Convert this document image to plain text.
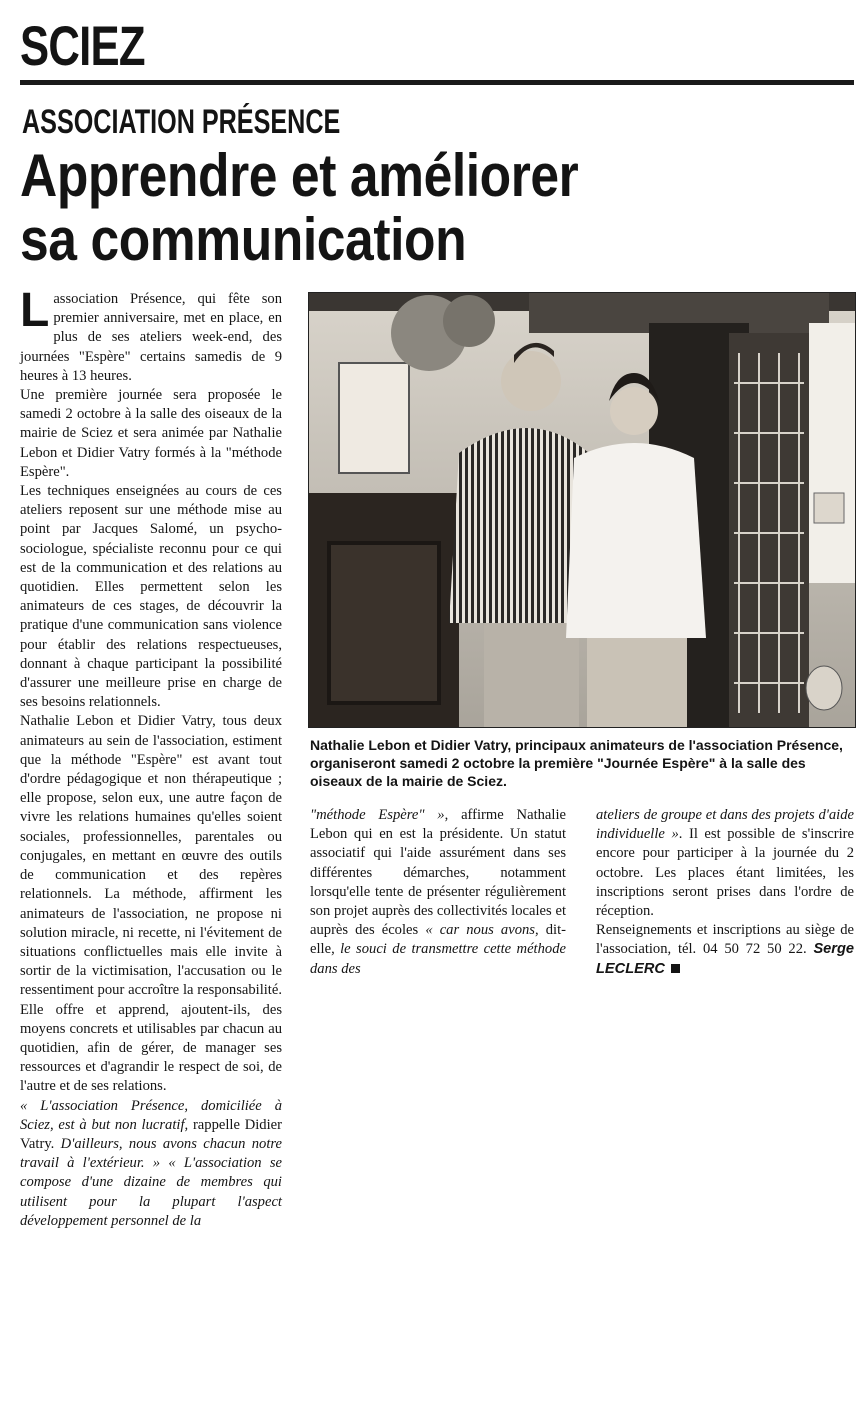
SCIEZ
ASSOCIATION PRÉSENCE
Apprendre et améliorer
sa communication

Lassociation Présence, qui fête son premier anniversaire, met en place, en plus de ses ateliers week-end, des journées "Espère" certains samedis de 9 heures à 13 heures.

Une première journée sera proposée le samedi 2 octobre à la salle des oiseaux de la mairie de Sciez et sera animée par Nathalie Lebon et Didier Vatry formés à la "méthode Espère".

Les techniques enseignées au cours de ces ateliers reposent sur une méthode mise au point par Jacques Salomé, un psycho-sociologue, spécialiste reconnu pour ce qui est de la communication et des relations au quotidien. Elles permettent selon les animateurs de ces stages, de découvrir la pratique d'une communication sans violence pour établir des relations respectueuses, donnant à chaque participant la possibilité d'assurer une meilleure prise en charge de ses besoins relationnels.

Nathalie Lebon et Didier Vatry, tous deux animateurs au sein de l'association, estiment que la méthode "Espère" est avant tout d'ordre pédagogique et non thérapeutique ; elle propose, selon eux, une autre façon de vivre les relations humaines qu'elles soient sociales, professionnelles, parentales ou conjugales, en mettant en œuvre des outils de communication et des repères relationnels. La méthode, affirment les animateurs de l'association, ne propose ni solution miracle, ni recette, ni l'évitement de situations conflictuelles mais elle invite à sortir de la victimisation, l'accusation ou le ressentiment pour accroître la responsabilité. Elle offre et apprend, ajoutent-ils, des moyens concrets et utilisables par chacun au quotidien, afin de gérer, de manager ses ressources et d'agrandir le respect de soi, de l'autre et de ses relations.

« L'association Présence, domiciliée à Sciez, est à but non lucratif, rappelle Didier Vatry. D'ailleurs, nous avons chacun notre travail à l'extérieur. » « L'association se compose d'une dizaine de membres qui utilisent pour la plupart l'aspect développement personnel de la

Nathalie Lebon et Didier Vatry, principaux animateurs de l'association Présence, organiseront samedi 2 octobre la première "Journée Espère" à la salle des oiseaux de la mairie de Sciez.

"méthode Espère" », affirme Nathalie Lebon qui en est la présidente. Un statut associatif qui l'aide assurément dans ses différentes démarches, notamment lorsqu'elle tente de présenter régulièrement son projet auprès des collectivités locales et auprès des écoles « car nous avons, dit-elle, le souci de transmettre cette méthode dans des

ateliers de groupe et dans des projets d'aide individuelle ». Il est possible de s'inscrire encore pour participer à la journée du 2 octobre. Les places étant limitées, les inscriptions seront prises dans l'ordre de réception.

Renseignements et inscriptions au siège de l'association, tél. 04 50 72 50 22. Serge LECLERC
